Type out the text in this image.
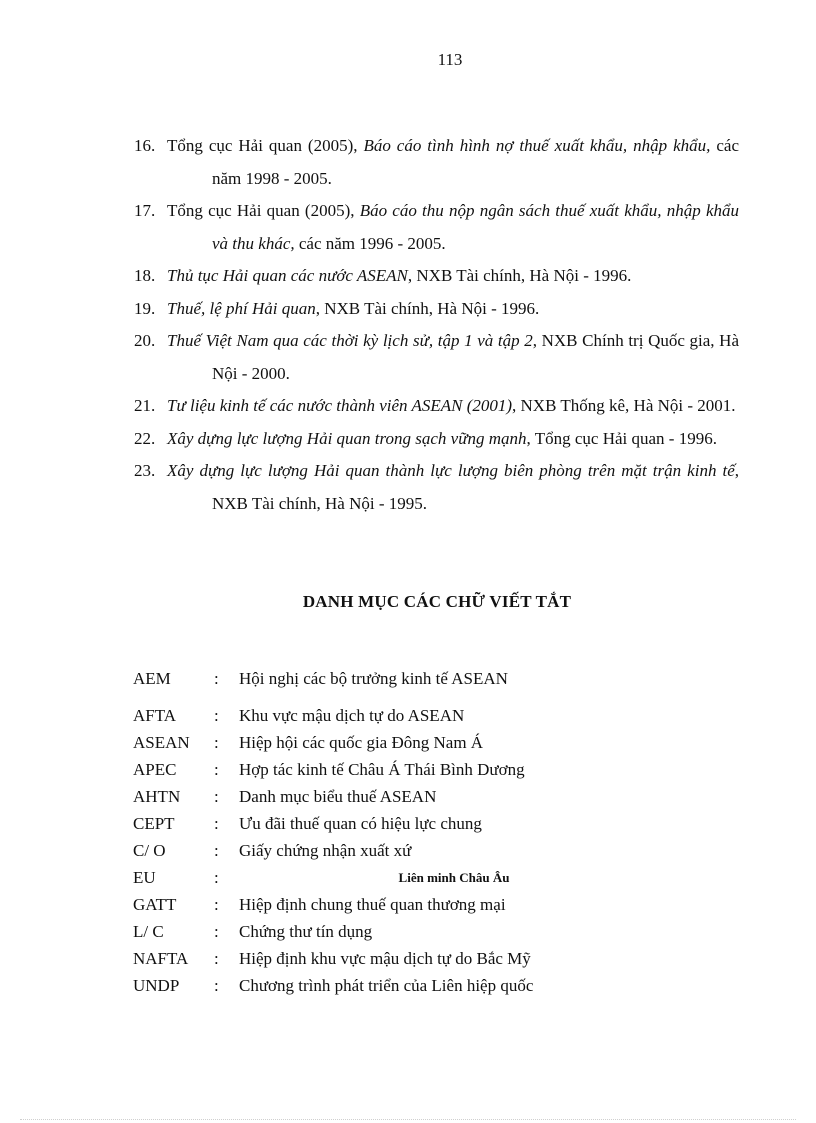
113
16. Tổng cục Hải quan (2005), Báo cáo tình hình nợ thuế xuất khẩu, nhập khẩu, các năm 1998 - 2005.
17. Tổng cục Hải quan (2005), Báo cáo thu nộp ngân sách thuế xuất khẩu, nhập khẩu và thu khác, các năm 1996 - 2005.
18. Thủ tục Hải quan các nước ASEAN, NXB Tài chính, Hà Nội - 1996.
19. Thuế, lệ phí Hải quan, NXB Tài chính, Hà Nội - 1996.
20. Thuế Việt Nam qua các thời kỳ lịch sử, tập 1 và tập 2, NXB Chính trị Quốc gia, Hà Nội - 2000.
21. Tư liệu kinh tế các nước thành viên ASEAN (2001), NXB Thống kê, Hà Nội - 2001.
22. Xây dựng lực lượng Hải quan trong sạch vững mạnh, Tổng cục Hải quan - 1996.
23. Xây dựng lực lượng Hải quan thành lực lượng biên phòng trên mặt trận kinh tế, NXB Tài chính, Hà Nội - 1995.
DANH MỤC CÁC CHỮ VIẾT TẮT
AEM	: Hội nghị các bộ trưởng kinh tế ASEAN
AFTA : Khu vực mậu dịch tự do ASEAN
ASEAN : Hiệp hội các quốc gia Đông Nam Á
APEC : Hợp tác kinh tế Châu Á Thái Bình Dương
AHTN : Danh mục biểu thuế ASEAN
CEPT : Ưu đãi thuế quan có hiệu lực chung
C/ O	: Giấy chứng nhận xuất xứ
EU	:	Liên minh Châu Âu
GATT : Hiệp định chung thuế quan thương mại
L/ C	: Chứng thư tín dụng
NAFTA : Hiệp định khu vực mậu dịch tự do Bắc Mỹ
UNDP : Chương trình phát triển của Liên hiệp quốc
